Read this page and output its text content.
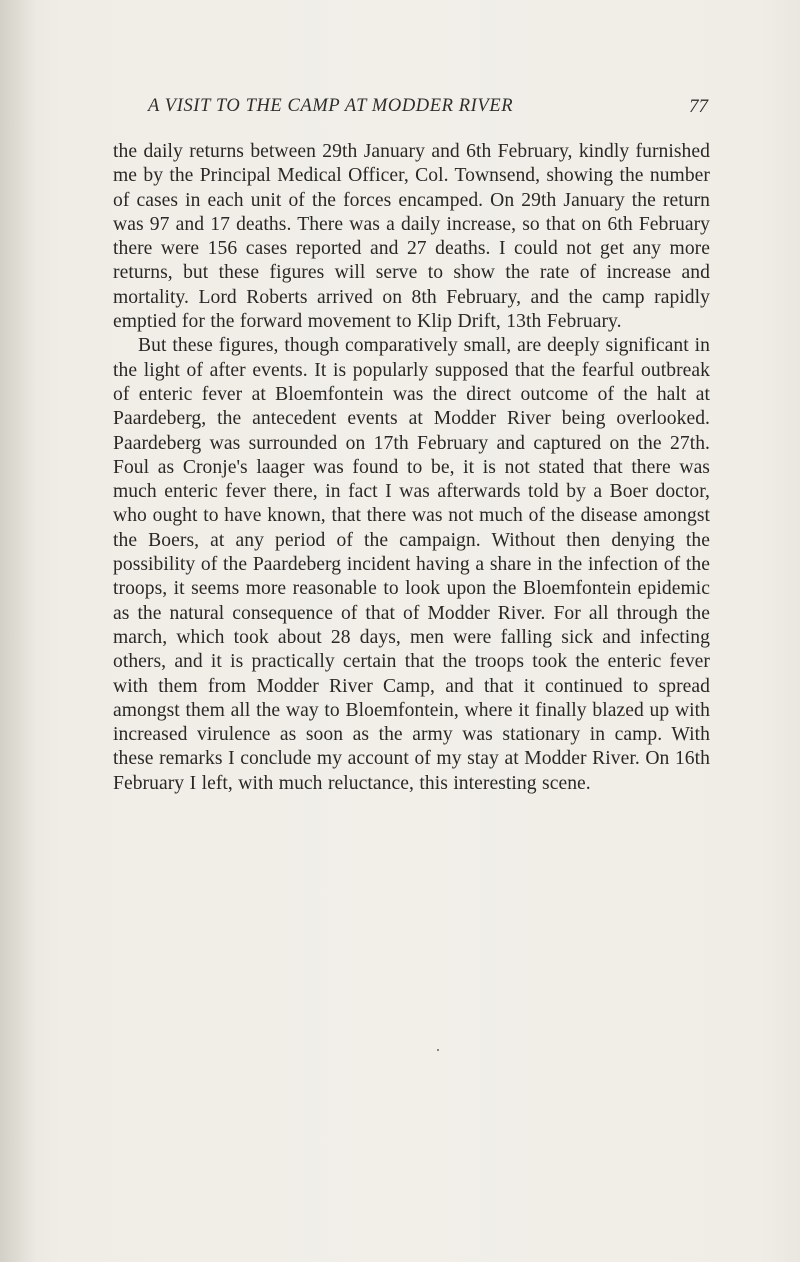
A VISIT TO THE CAMP AT MODDER RIVER	77

the daily returns between 29th January and 6th February, kindly furnished me by the Principal Medical Officer, Col. Townsend, showing the number of cases in each unit of the forces encamped. On 29th January the return was 97 and 17 deaths. There was a daily increase, so that on 6th February there were 156 cases reported and 27 deaths. I could not get any more returns, but these figures will serve to show the rate of increase and mortality. Lord Roberts arrived on 8th February, and the camp rapidly emptied for the forward movement to Klip Drift, 13th February.

But these figures, though comparatively small, are deeply significant in the light of after events. It is popularly supposed that the fearful outbreak of enteric fever at Bloemfontein was the direct outcome of the halt at Paardeberg, the antecedent events at Modder River being overlooked. Paardeberg was surrounded on 17th February and captured on the 27th. Foul as Cronje's laager was found to be, it is not stated that there was much enteric fever there, in fact I was afterwards told by a Boer doctor, who ought to have known, that there was not much of the disease amongst the Boers, at any period of the campaign. Without then denying the possibility of the Paardeberg incident having a share in the infection of the troops, it seems more reasonable to look upon the Bloemfontein epidemic as the natural consequence of that of Modder River. For all through the march, which took about 28 days, men were falling sick and infecting others, and it is practically certain that the troops took the enteric fever with them from Modder River Camp, and that it continued to spread amongst them all the way to Bloemfontein, where it finally blazed up with increased virulence as soon as the army was stationary in camp. With these remarks I conclude my account of my stay at Modder River. On 16th February I left, with much reluctance, this interesting scene.
